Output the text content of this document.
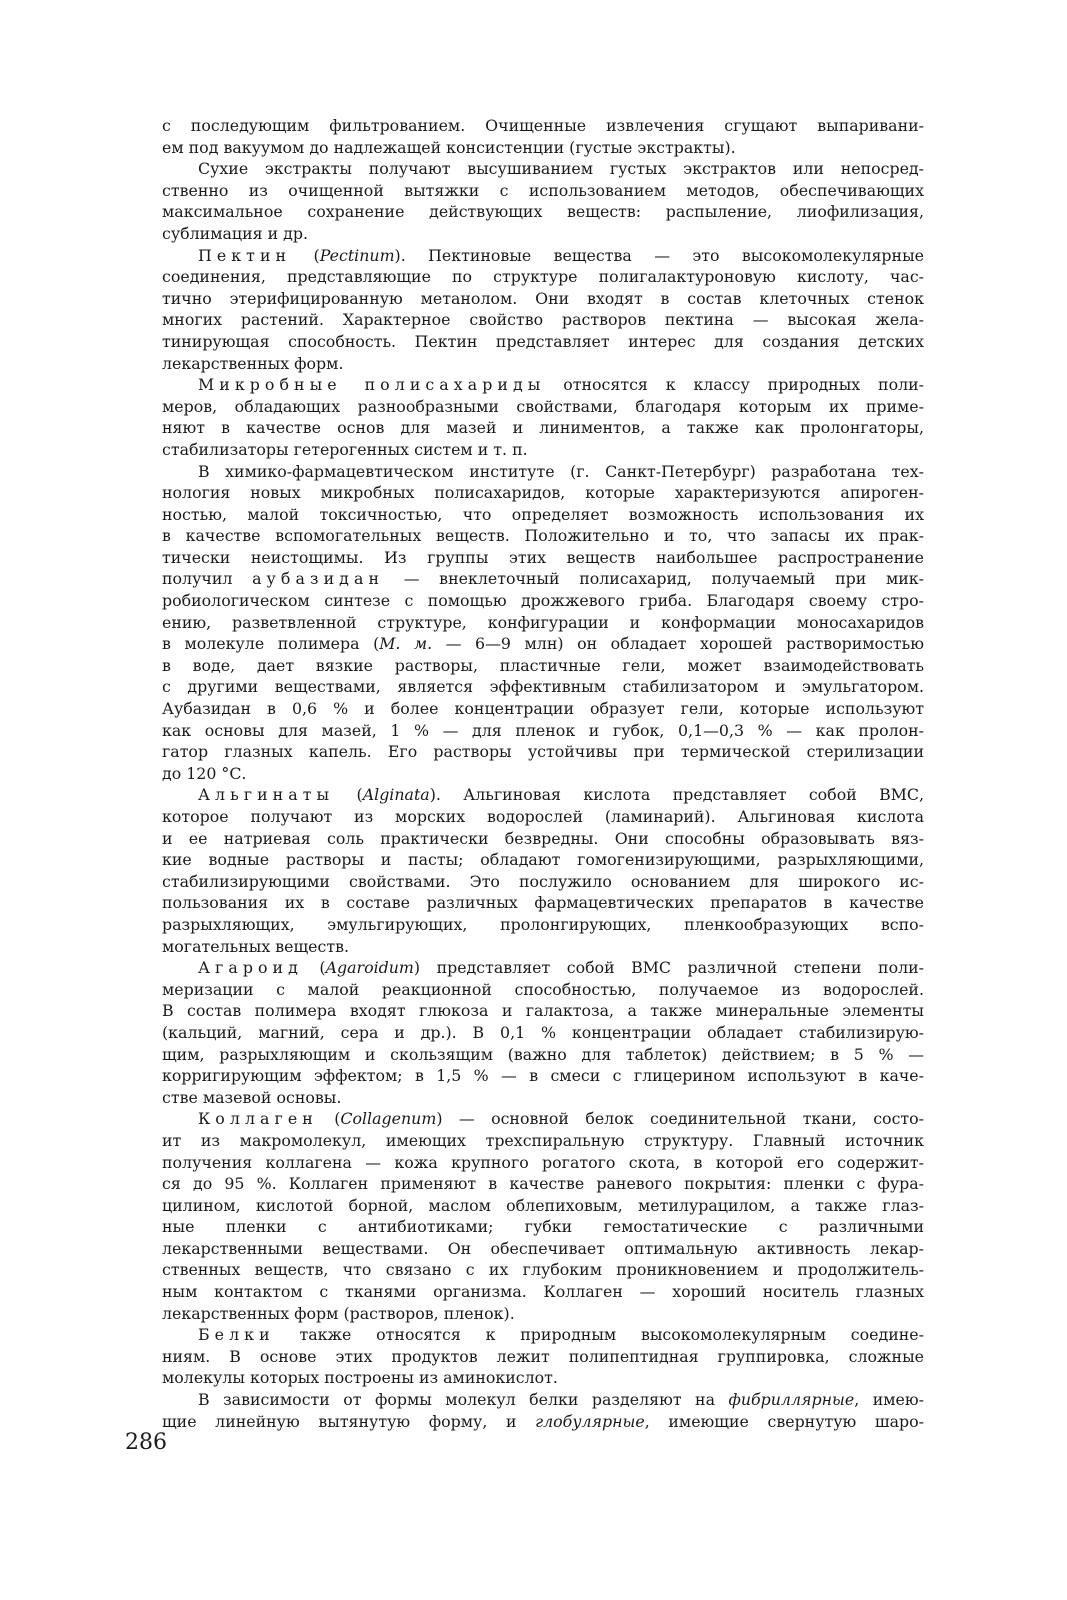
с последующим фильтрованием. Очищенные извлечения сгущают выпаривани-
ем под вакуумом до надлежащей консистенции (густые экстракты).
Сухие экстракты получают высушиванием густых экстрактов или непосред-
ственно из очищенной вытяжки с использованием методов, обеспечивающих
максимальное сохранение действующих веществ: распыление, лиофилизация,
сублимация и др.
Пектин (Pectinum). Пектиновые вещества — это высокомолекулярные
соединения, представляющие по структуре полигалактуроновую кислоту, час-
тично этерифицированную метанолом. Они входят в состав клеточных стенок
многих растений. Характерное свойство растворов пектина — высокая жела-
тинирующая способность. Пектин представляет интерес для создания детских
лекарственных форм.
Микробные полисахариды относятся к классу природных поли-
меров, обладающих разнообразными свойствами, благодаря которым их приме-
няют в качестве основ для мазей и линиментов, а также как пролонгаторы,
стабилизаторы гетерогенных систем и т. п.
В химико-фармацевтическом институте (г. Санкт-Петербург) разработана тех-
нология новых микробных полисахаридов, которые характеризуются апироген-
ностью, малой токсичностью, что определяет возможность использования их
в качестве вспомогательных веществ. Положительно и то, что запасы их прак-
тически неистощимы. Из группы этих веществ наибольшее распространение
получил аубазидан — внеклеточный полисахарид, получаемый при мик-
робиологическом синтезе с помощью дрожжевого гриба. Благодаря своему стро-
ению, разветвленной структуре, конфигурации и конформации моносахаридов
в молекуле полимера (М. м. — 6—9 млн) он обладает хорошей растворимостью
в воде, дает вязкие растворы, пластичные гели, может взаимодействовать
с другими веществами, является эффективным стабилизатором и эмульгатором.
Аубазидан в 0,6 % и более концентрации образует гели, которые используют
как основы для мазей, 1 % — для пленок и губок, 0,1—0,3 % — как пролон-
гатор глазных капель. Его растворы устойчивы при термической стерилизации
до 120 °С.
Альгинаты (Alginata). Альгиновая кислота представляет собой ВМС,
которое получают из морских водорослей (ламинарий). Альгиновая кислота
и ее натриевая соль практически безвредны. Они способны образовывать вяз-
кие водные растворы и пасты; обладают гомогенизирующими, разрыхляющими,
стабилизирующими свойствами. Это послужило основанием для широкого ис-
пользования их в составе различных фармацевтических препаратов в качестве
разрыхляющих, эмульгирующих, пролонгирующих, пленкообразующих вспо-
могательных веществ.
Агароид (Agaroidum) представляет собой ВМС различной степени поли-
меризации с малой реакционной способностью, получаемое из водорослей.
В состав полимера входят глюкоза и галактоза, а также минеральные элементы
(кальций, магний, сера и др.). В 0,1 % концентрации обладает стабилизирую-
щим, разрыхляющим и скользящим (важно для таблеток) действием; в 5 % —
корригирующим эффектом; в 1,5 % — в смеси с глицерином используют в каче-
стве мазевой основы.
Коллаген (Collagenum) — основной белок соединительной ткани, состо-
ит из макромолекул, имеющих трехспиральную структуру. Главный источник
получения коллагена — кожа крупного рогатого скота, в которой его содержит-
ся до 95 %. Коллаген применяют в качестве раневого покрытия: пленки с фура-
цилином, кислотой борной, маслом облепиховым, метилурацилом, а также глаз-
ные пленки с антибиотиками; губки гемостатические с различными
лекарственными веществами. Он обеспечивает оптимальную активность лекар-
ственных веществ, что связано с их глубоким проникновением и продолжитель-
ным контактом с тканями организма. Коллаген — хороший носитель глазных
лекарственных форм (растворов, пленок).
Белки также относятся к природным высокомолекулярным соедине-
ниям. В основе этих продуктов лежит полипептидная группировка, сложные
молекулы которых построены из аминокислот.
В зависимости от формы молекул белки разделяют на фибриллярные, имею-
щие линейную вытянутую форму, и глобулярные, имеющие свернутую шаро-
286
